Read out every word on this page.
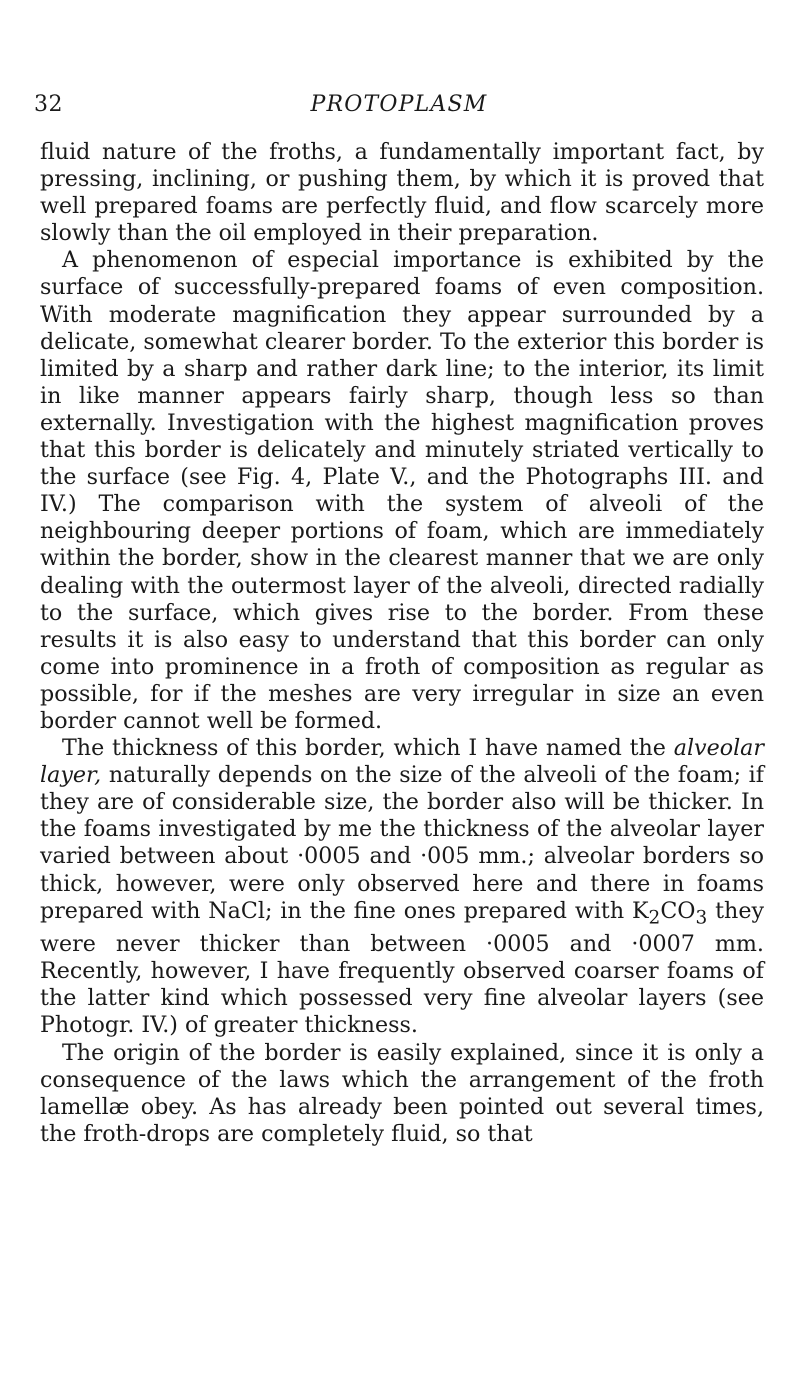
32	PROTOPLASM

fluid nature of the froths, a fundamentally important fact, by pressing, inclining, or pushing them, by which it is proved that well prepared foams are perfectly fluid, and flow scarcely more slowly than the oil employed in their preparation.

A phenomenon of especial importance is exhibited by the surface of successfully-prepared foams of even composition. With moderate magnification they appear surrounded by a delicate, somewhat clearer border. To the exterior this border is limited by a sharp and rather dark line; to the interior, its limit in like manner appears fairly sharp, though less so than externally. Investigation with the highest magnification proves that this border is delicately and minutely striated vertically to the surface (see Fig. 4, Plate V., and the Photographs III. and IV.) The comparison with the system of alveoli of the neighbouring deeper portions of foam, which are immediately within the border, show in the clearest manner that we are only dealing with the outermost layer of the alveoli, directed radially to the surface, which gives rise to the border. From these results it is also easy to understand that this border can only come into prominence in a froth of composition as regular as possible, for if the meshes are very irregular in size an even border cannot well be formed.

The thickness of this border, which I have named the alveolar layer, naturally depends on the size of the alveoli of the foam; if they are of considerable size, the border also will be thicker. In the foams investigated by me the thickness of the alveolar layer varied between about ·0005 and ·005 mm.; alveolar borders so thick, however, were only observed here and there in foams prepared with NaCl; in the fine ones prepared with $K_2CO_3$ they were never thicker than between ·0005 and ·0007 mm. Recently, however, I have frequently observed coarser foams of the latter kind which possessed very fine alveolar layers (see Photogr. IV.) of greater thickness.

The origin of the border is easily explained, since it is only a consequence of the laws which the arrangement of the froth lamellæ obey. As has already been pointed out several times, the froth-drops are completely fluid, so that
